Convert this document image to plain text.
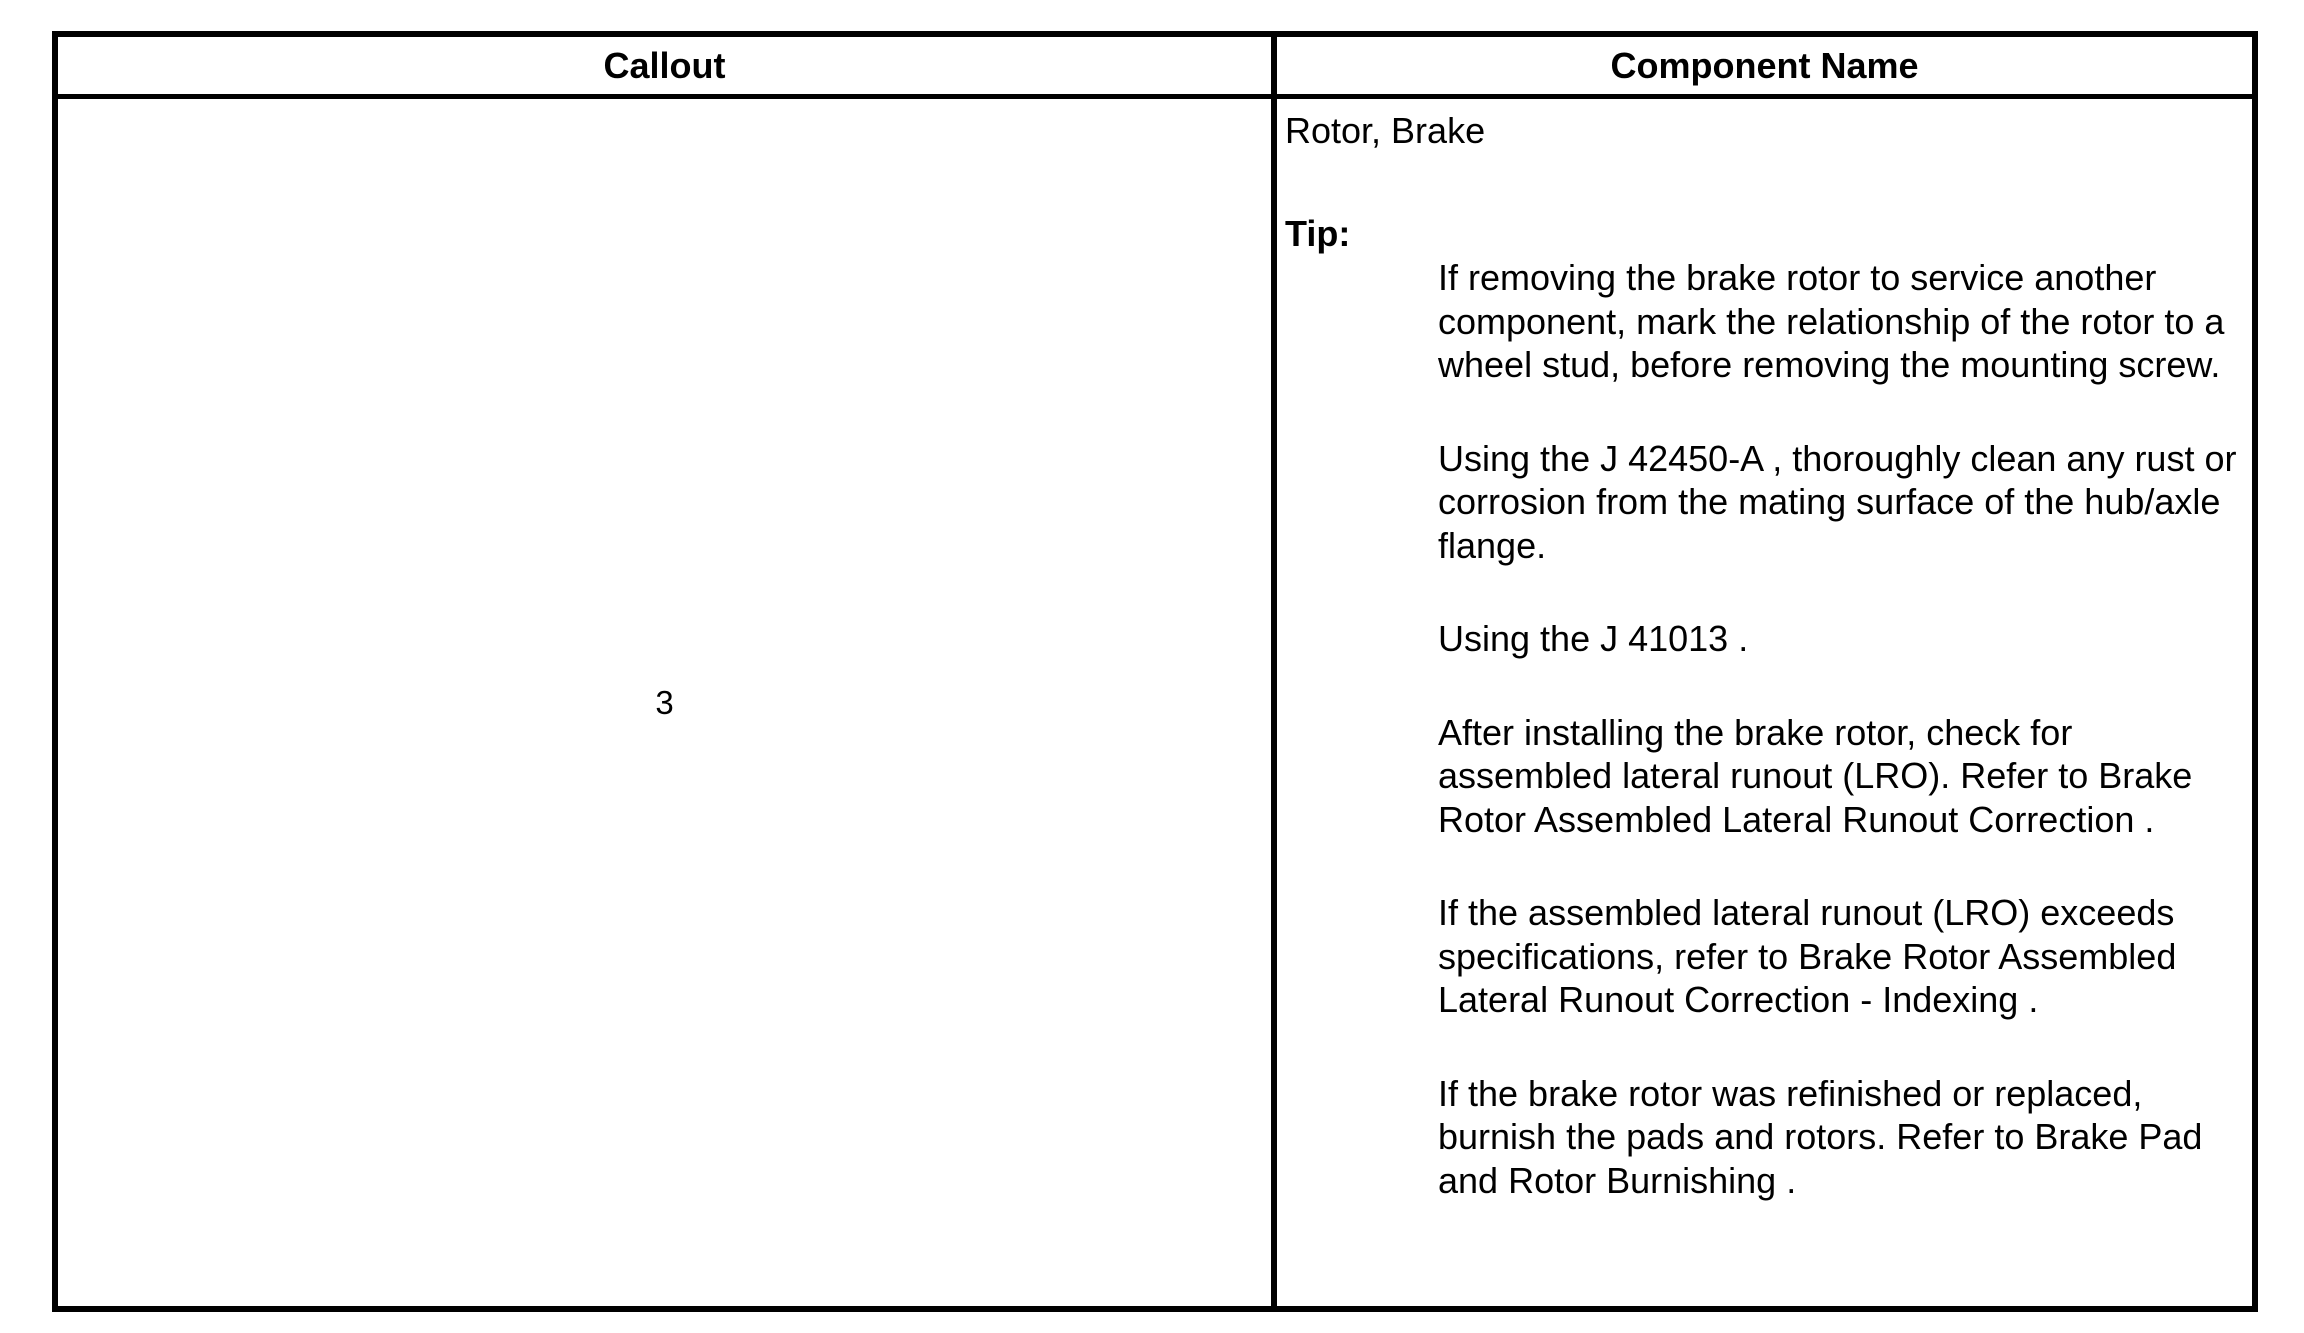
Callout	Component Name
3
Rotor, Brake
Tip:
If removing the brake rotor to service another component, mark the relationship of the rotor to a wheel stud, before removing the mounting screw.
Using the J 42450-A , thoroughly clean any rust or corrosion from the mating surface of the hub/axle flange.
Using the J 41013 .
After installing the brake rotor, check for assembled lateral runout (LRO). Refer to Brake Rotor Assembled Lateral Runout Correction .
If the assembled lateral runout (LRO) exceeds specifications, refer to Brake Rotor Assembled Lateral Runout Correction - Indexing .
If the brake rotor was refinished or replaced, burnish the pads and rotors. Refer to Brake Pad and Rotor Burnishing .
